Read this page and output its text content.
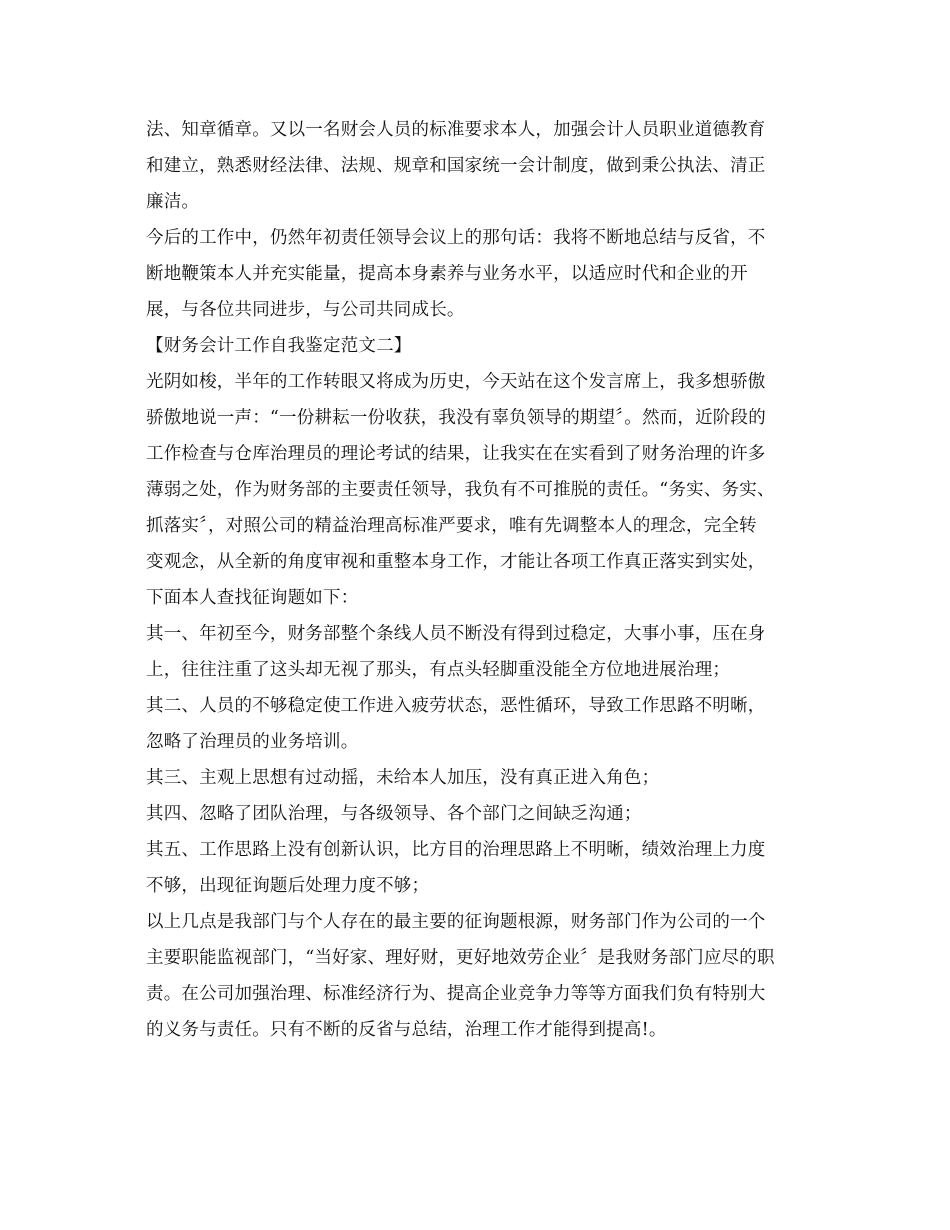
法、知章循章。又以一名财会人员的标准要求本人，加强会计人员职业道德教育
和建立，熟悉财经法律、法规、规章和国家统一会计制度，做到秉公执法、清正
廉洁。
今后的工作中，仍然年初责任领导会议上的那句话：我将不断地总结与反省，不
断地鞭策本人并充实能量，提高本身素养与业务水平，以适应时代和企业的开
展，与各位共同进步，与公司共同成长。
【财务会计工作自我鉴定范文二】
光阴如梭，半年的工作转眼又将成为历史，今天站在这个发言席上，我多想骄傲
骄傲地说一声：“一份耕耘一份收获，我没有辜负领导的期望〞。然而，近阶段的
工作检查与仓库治理员的理论考试的结果，让我实在在实看到了财务治理的许多
薄弱之处，作为财务部的主要责任领导，我负有不可推脱的责任。“务实、务实、
抓落实〞，对照公司的精益治理高标准严要求，唯有先调整本人的理念，完全转
变观念，从全新的角度审视和重整本身工作，才能让各项工作真正落实到实处，
下面本人查找征询题如下：
其一、年初至今，财务部整个条线人员不断没有得到过稳定，大事小事，压在身
上，往往注重了这头却无视了那头，有点头轻脚重没能全方位地进展治理；
其二、人员的不够稳定使工作进入疲劳状态，恶性循环，导致工作思路不明晰，
忽略了治理员的业务培训。
其三、主观上思想有过动摇，未给本人加压，没有真正进入角色；
其四、忽略了团队治理，与各级领导、各个部门之间缺乏沟通；
其五、工作思路上没有创新认识，比方目的治理思路上不明晰，绩效治理上力度
不够，出现征询题后处理力度不够；
以上几点是我部门与个人存在的最主要的征询题根源，财务部门作为公司的一个
主要职能监视部门，“当好家、理好财，更好地效劳企业〞是我财务部门应尽的职
责。在公司加强治理、标准经济行为、提高企业竞争力等等方面我们负有特别大
的义务与责任。只有不断的反省与总结，治理工作才能得到提高!。
